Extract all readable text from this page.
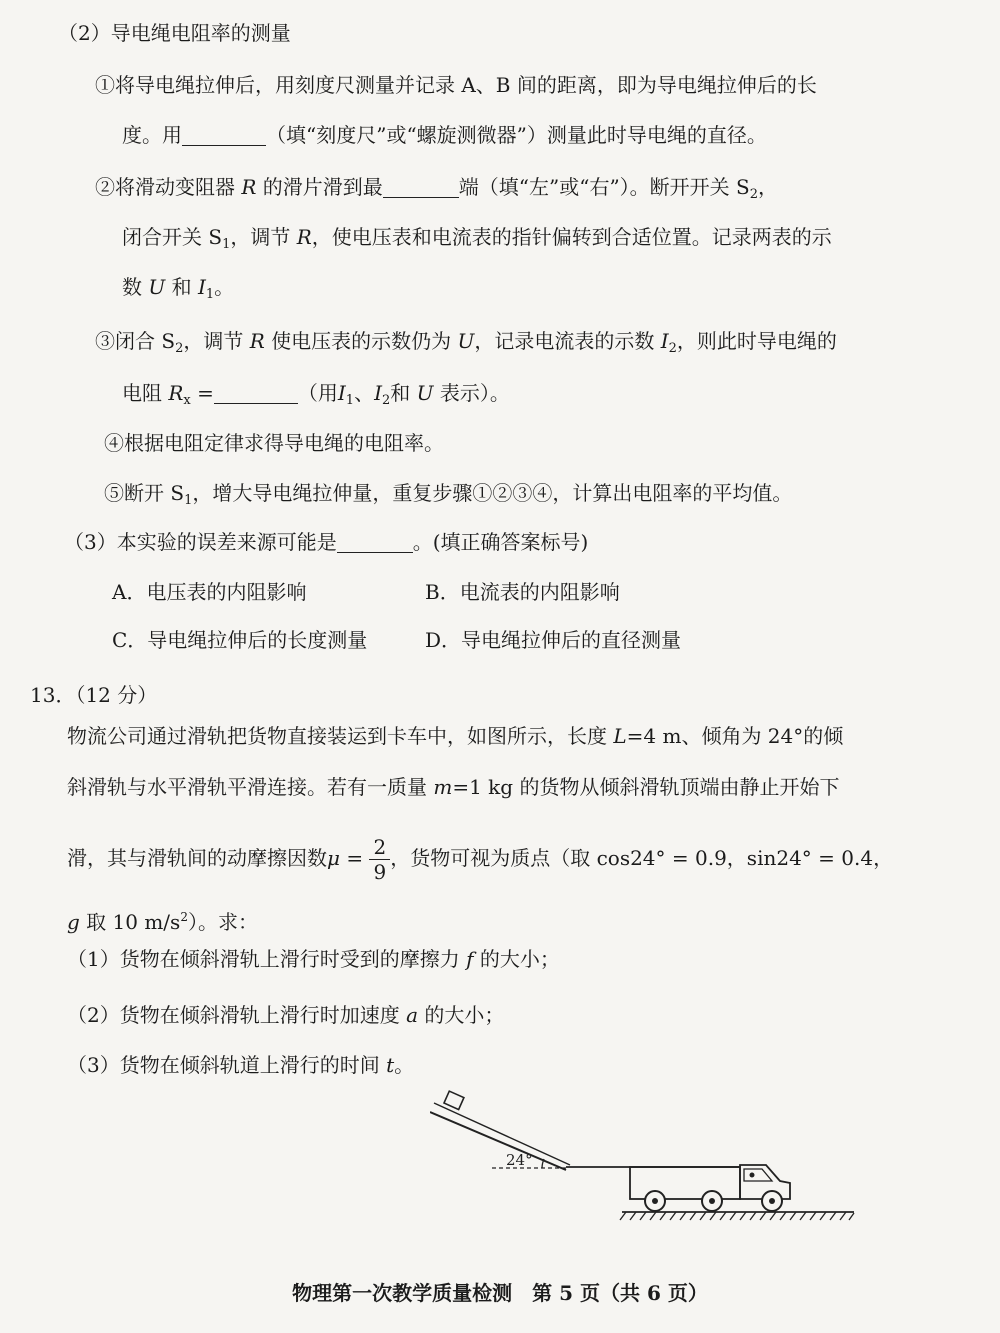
（2）导电绳电阻率的测量
①将导电绳拉伸后，用刻度尺测量并记录 A、B 间的距离，即为导电绳拉伸后的长
度。用	（填“刻度尺”或“螺旋测微器”）测量此时导电绳的直径。
②将滑动变阻器 R 的滑片滑到最	端（填“左”或“右”）。断开开关 $S_2$，
闭合开关 $S_1$，调节 R，使电压表和电流表的指针偏转到合适位置。记录两表的示
数 U 和 $I_1$。
③闭合 $S_2$，调节 R 使电压表的示数仍为 U，记录电流表的示数 $I_2$，则此时导电绳的
电阻 $R_x$ =	（用$I_1$、$I_2$和 U 表示）。
④根据电阻定律求得导电绳的电阻率。
⑤断开 $S_1$，增大导电绳拉伸量，重复步骤①②③④，计算出电阻率的平均值。
（3）本实验的误差来源可能是	。(填正确答案标号)
A．电压表的内阻影响	B．电流表的内阻影响
C．导电绳拉伸后的长度测量	D．导电绳拉伸后的直径测量
13．（12 分）
物流公司通过滑轨把货物直接装运到卡车中，如图所示，长度 L=4 m、倾角为 24°的倾
斜滑轨与水平滑轨平滑连接。若有一质量 m=1 kg 的货物从倾斜滑轨顶端由静止开始下
滑，其与滑轨间的动摩擦因数$\mu = \frac{2}{9}$ ，货物可视为质点（取 cos24° = 0.9，sin24° = 0.4，
g 取 10 $m/s^2$）。求：
（1）货物在倾斜滑轨上滑行时受到的摩擦力 f 的大小；
（2）货物在倾斜滑轨上滑行时加速度 a 的大小；
（3）货物在倾斜轨道上滑行的时间 t。
24°
物理第一次教学质量检测　第 5 页（共 6 页）
